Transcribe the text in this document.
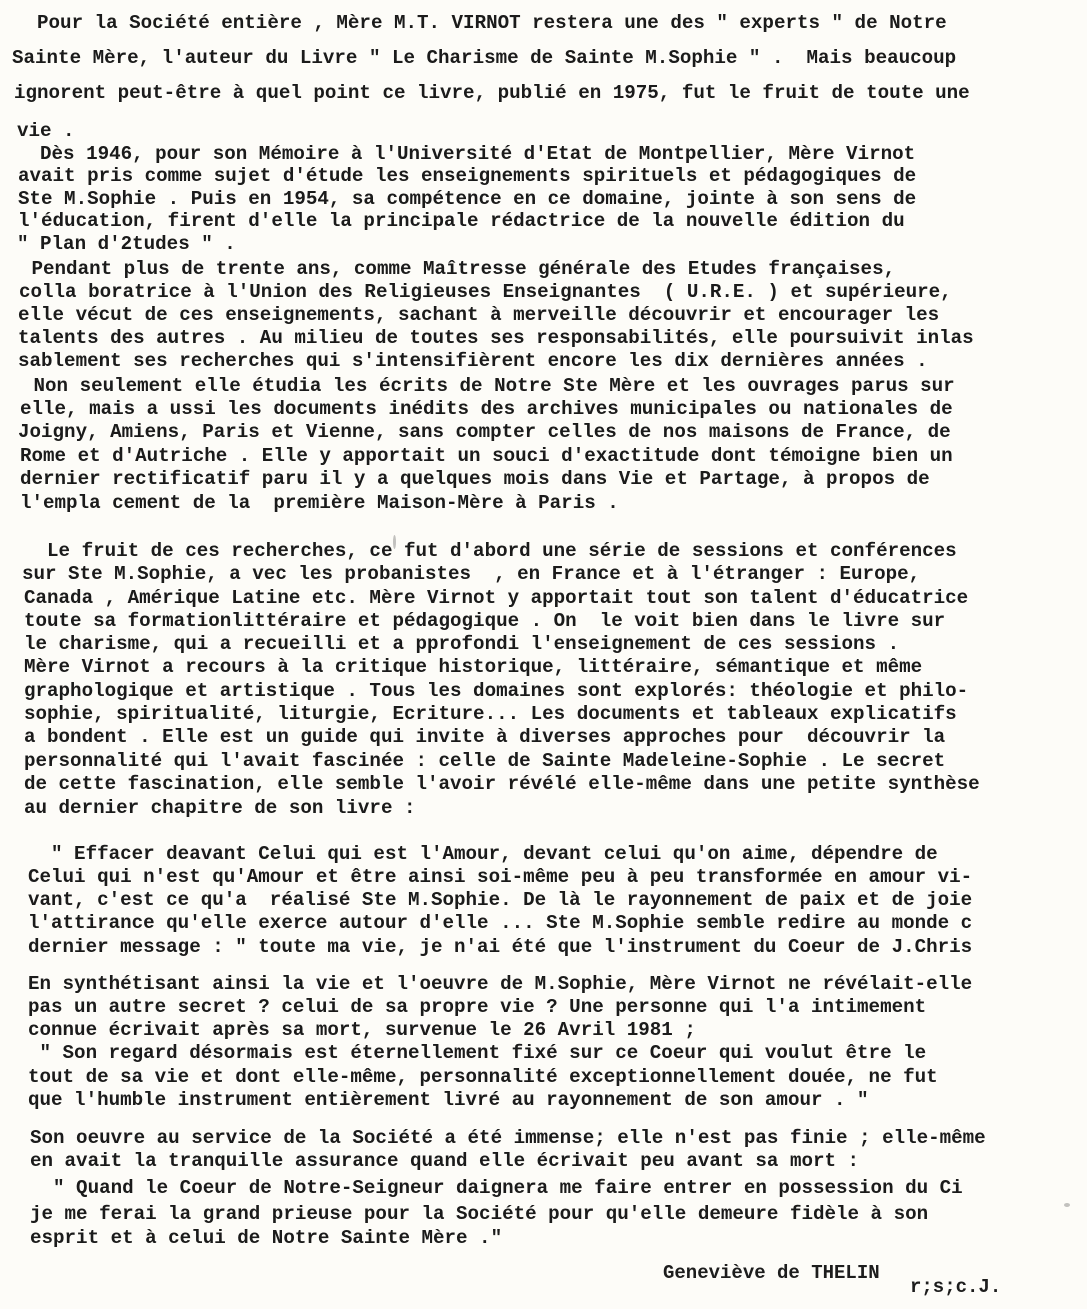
Pour la Société entière , Mère M.T. VIRNOT restera une des " experts " de Notre
Sainte Mère, l'auteur du Livre " Le Charisme de Sainte M.Sophie " .  Mais beaucoup
ignorent peut-être à quel point ce livre, publié en 1975, fut le fruit de toute une
vie .
Dès 1946, pour son Mémoire à l'Université d'Etat de Montpellier, Mère Virnot
avait pris comme sujet d'étude les enseignements spirituels et pédagogiques de
Ste M.Sophie . Puis en 1954, sa compétence en ce domaine, jointe à son sens de
l'éducation, firent d'elle la principale rédactrice de la nouvelle édition du
" Plan d'2tudes " .
Pendant plus de trente ans, comme Maîtresse générale des Etudes françaises,
colla boratrice à l'Union des Religieuses Enseignantes  ( U.R.E. ) et supérieure,
elle vécut de ces enseignements, sachant à merveille découvrir et encourager les
talents des autres . Au milieu de toutes ses responsabilités, elle poursuivit inlas
sablement ses recherches qui s'intensifièrent encore les dix dernières années .
Non seulement elle étudia les écrits de Notre Ste Mère et les ouvrages parus sur
elle, mais a ussi les documents inédits des archives municipales ou nationales de
Joigny, Amiens, Paris et Vienne, sans compter celles de nos maisons de France, de
Rome et d'Autriche . Elle y apportait un souci d'exactitude dont témoigne bien un
dernier rectificatif paru il y a quelques mois dans Vie et Partage, à propos de
l'empla cement de la  première Maison-Mère à Paris .
Le fruit de ces recherches, ce fut d'abord une série de sessions et conférences
sur Ste M.Sophie, a vec les probanistes  , en France et à l'étranger : Europe,
Canada , Amérique Latine etc. Mère Virnot y apportait tout son talent d'éducatrice
toute sa formationlittéraire et pédagogique . On  le voit bien dans le livre sur
le charisme, qui a recueilli et a pprofondi l'enseignement de ces sessions .
Mère Virnot a recours à la critique historique, littéraire, sémantique et même
graphologique et artistique . Tous les domaines sont explorés: théologie et philo-
sophie, spiritualité, liturgie, Ecriture... Les documents et tableaux explicatifs
a bondent . Elle est un guide qui invite à diverses approches pour  découvrir la
personnalité qui l'avait fascinée : celle de Sainte Madeleine-Sophie . Le secret
de cette fascination, elle semble l'avoir révélé elle-même dans une petite synthèse
au dernier chapitre de son livre :
" Effacer deavant Celui qui est l'Amour, devant celui qu'on aime, dépendre de
Celui qui n'est qu'Amour et être ainsi soi-même peu à peu transformée en amour vi-
vant, c'est ce qu'a  réalisé Ste M.Sophie. De là le rayonnement de paix et de joie
l'attirance qu'elle exerce autour d'elle ... Ste M.Sophie semble redire au monde c
dernier message : " toute ma vie, je n'ai été que l'instrument du Coeur de J.Chris
En synthétisant ainsi la vie et l'oeuvre de M.Sophie, Mère Virnot ne révélait-elle
pas un autre secret ? celui de sa propre vie ? Une personne qui l'a intimement
connue écrivait après sa mort, survenue le 26 Avril 1981 ;
" Son regard désormais est éternellement fixé sur ce Coeur qui voulut être le
tout de sa vie et dont elle-même, personnalité exceptionnellement douée, ne fut
que l'humble instrument entièrement livré au rayonnement de son amour . "
Son oeuvre au service de la Société a été immense; elle n'est pas finie ; elle-même
en avait la tranquille assurance quand elle écrivait peu avant sa mort :
" Quand le Coeur de Notre-Seigneur daignera me faire entrer en possession du Ci
je me ferai la grand prieuse pour la Société pour qu'elle demeure fidèle à son
esprit et à celui de Notre Sainte Mère ."
Geneviève de THELIN
r;s;c.J.
